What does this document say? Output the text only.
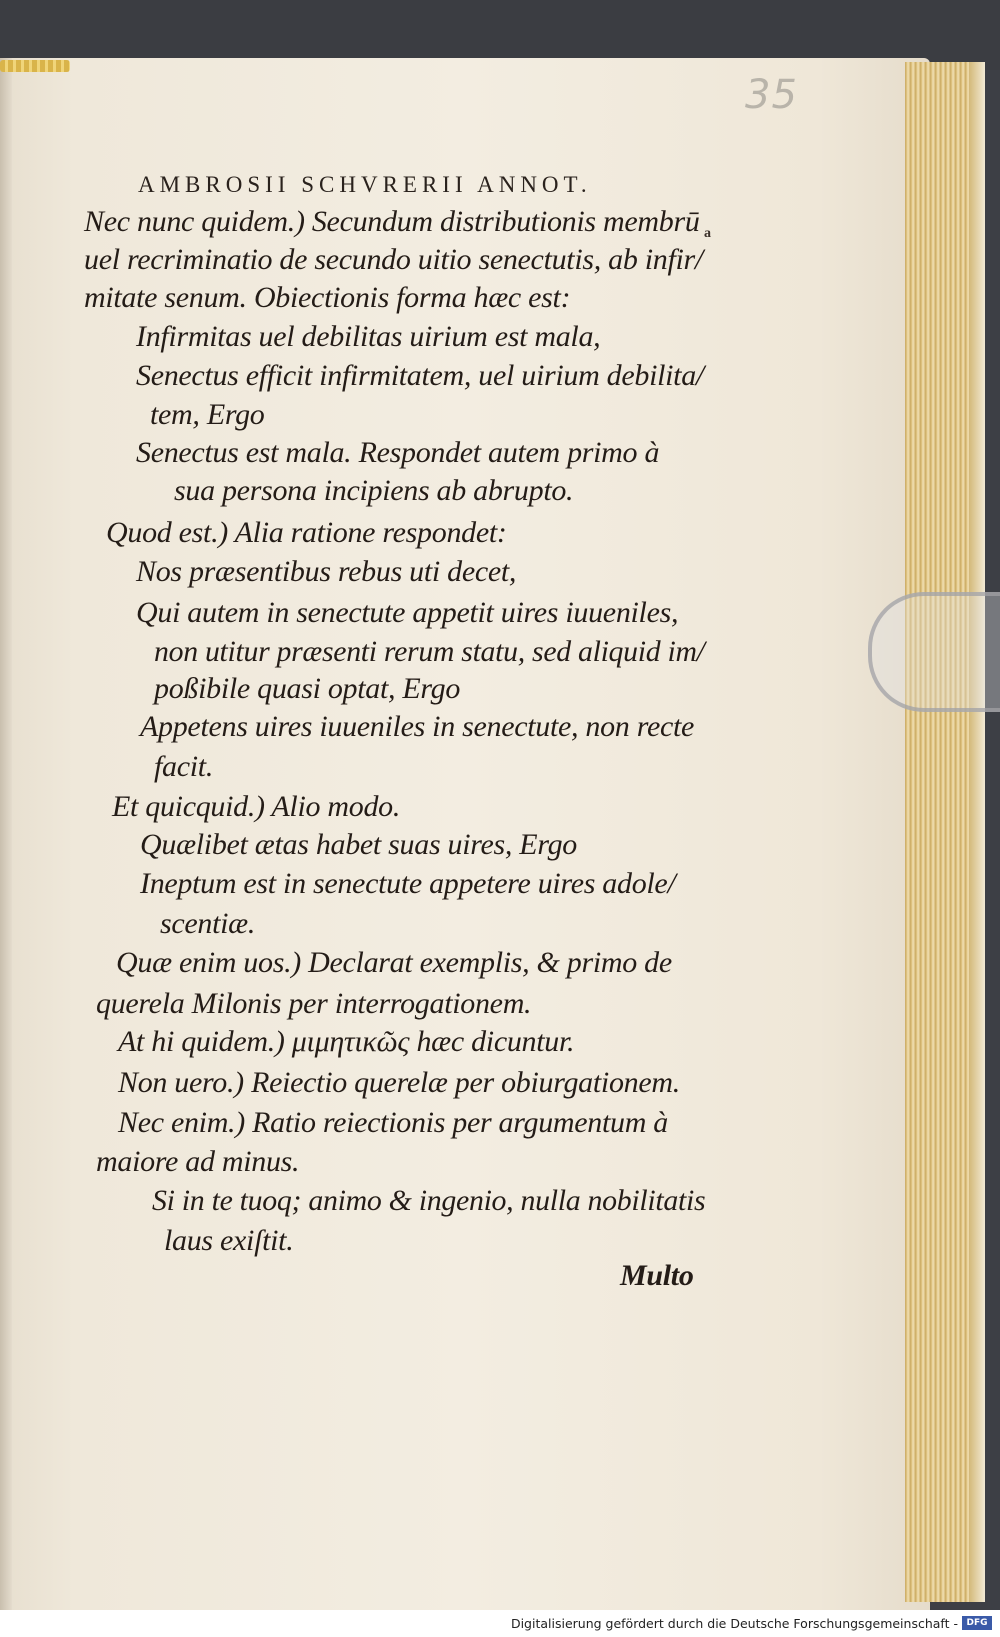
35
AMBROSII SCHVRERII ANNOT.
a
Nec nunc quidem.) Secundum distributionis membrū
uel recriminatio de secundo uitio senectutis, ab infir/
mitate senum. Obiectionis forma hæc est:
Infirmitas uel debilitas uirium est mala,
Senectus efficit infirmitatem, uel uirium debilita/
tem, Ergo
Senectus est mala. Respondet autem primo à
sua persona incipiens ab abrupto.
Quod est.) Alia ratione respondet:
Nos præsentibus rebus uti decet,
Qui autem in senectute appetit uires iuueniles,
non utitur præsenti rerum statu, sed aliquid im/
poßibile quasi optat, Ergo
Appetens uires iuueniles in senectute, non recte
facit.
Et quicquid.) Alio modo.
Quælibet ætas habet suas uires, Ergo
Ineptum est in senectute appetere uires adole/
scentiæ.
Quæ enim uos.) Declarat exemplis, & primo de
querela Milonis per interrogationem.
At hi quidem.) μιμητικῶς hæc dicuntur.
Non uero.) Reiectio querelæ per obiurgationem.
Nec enim.) Ratio reiectionis per argumentum à
maiore ad minus.
Si in te tuoq; animo & ingenio, nulla nobilitatis
laus exiſtit.
Multo
Digitalisierung gefördert durch die Deutsche Forschungsgemeinschaft - DFG
